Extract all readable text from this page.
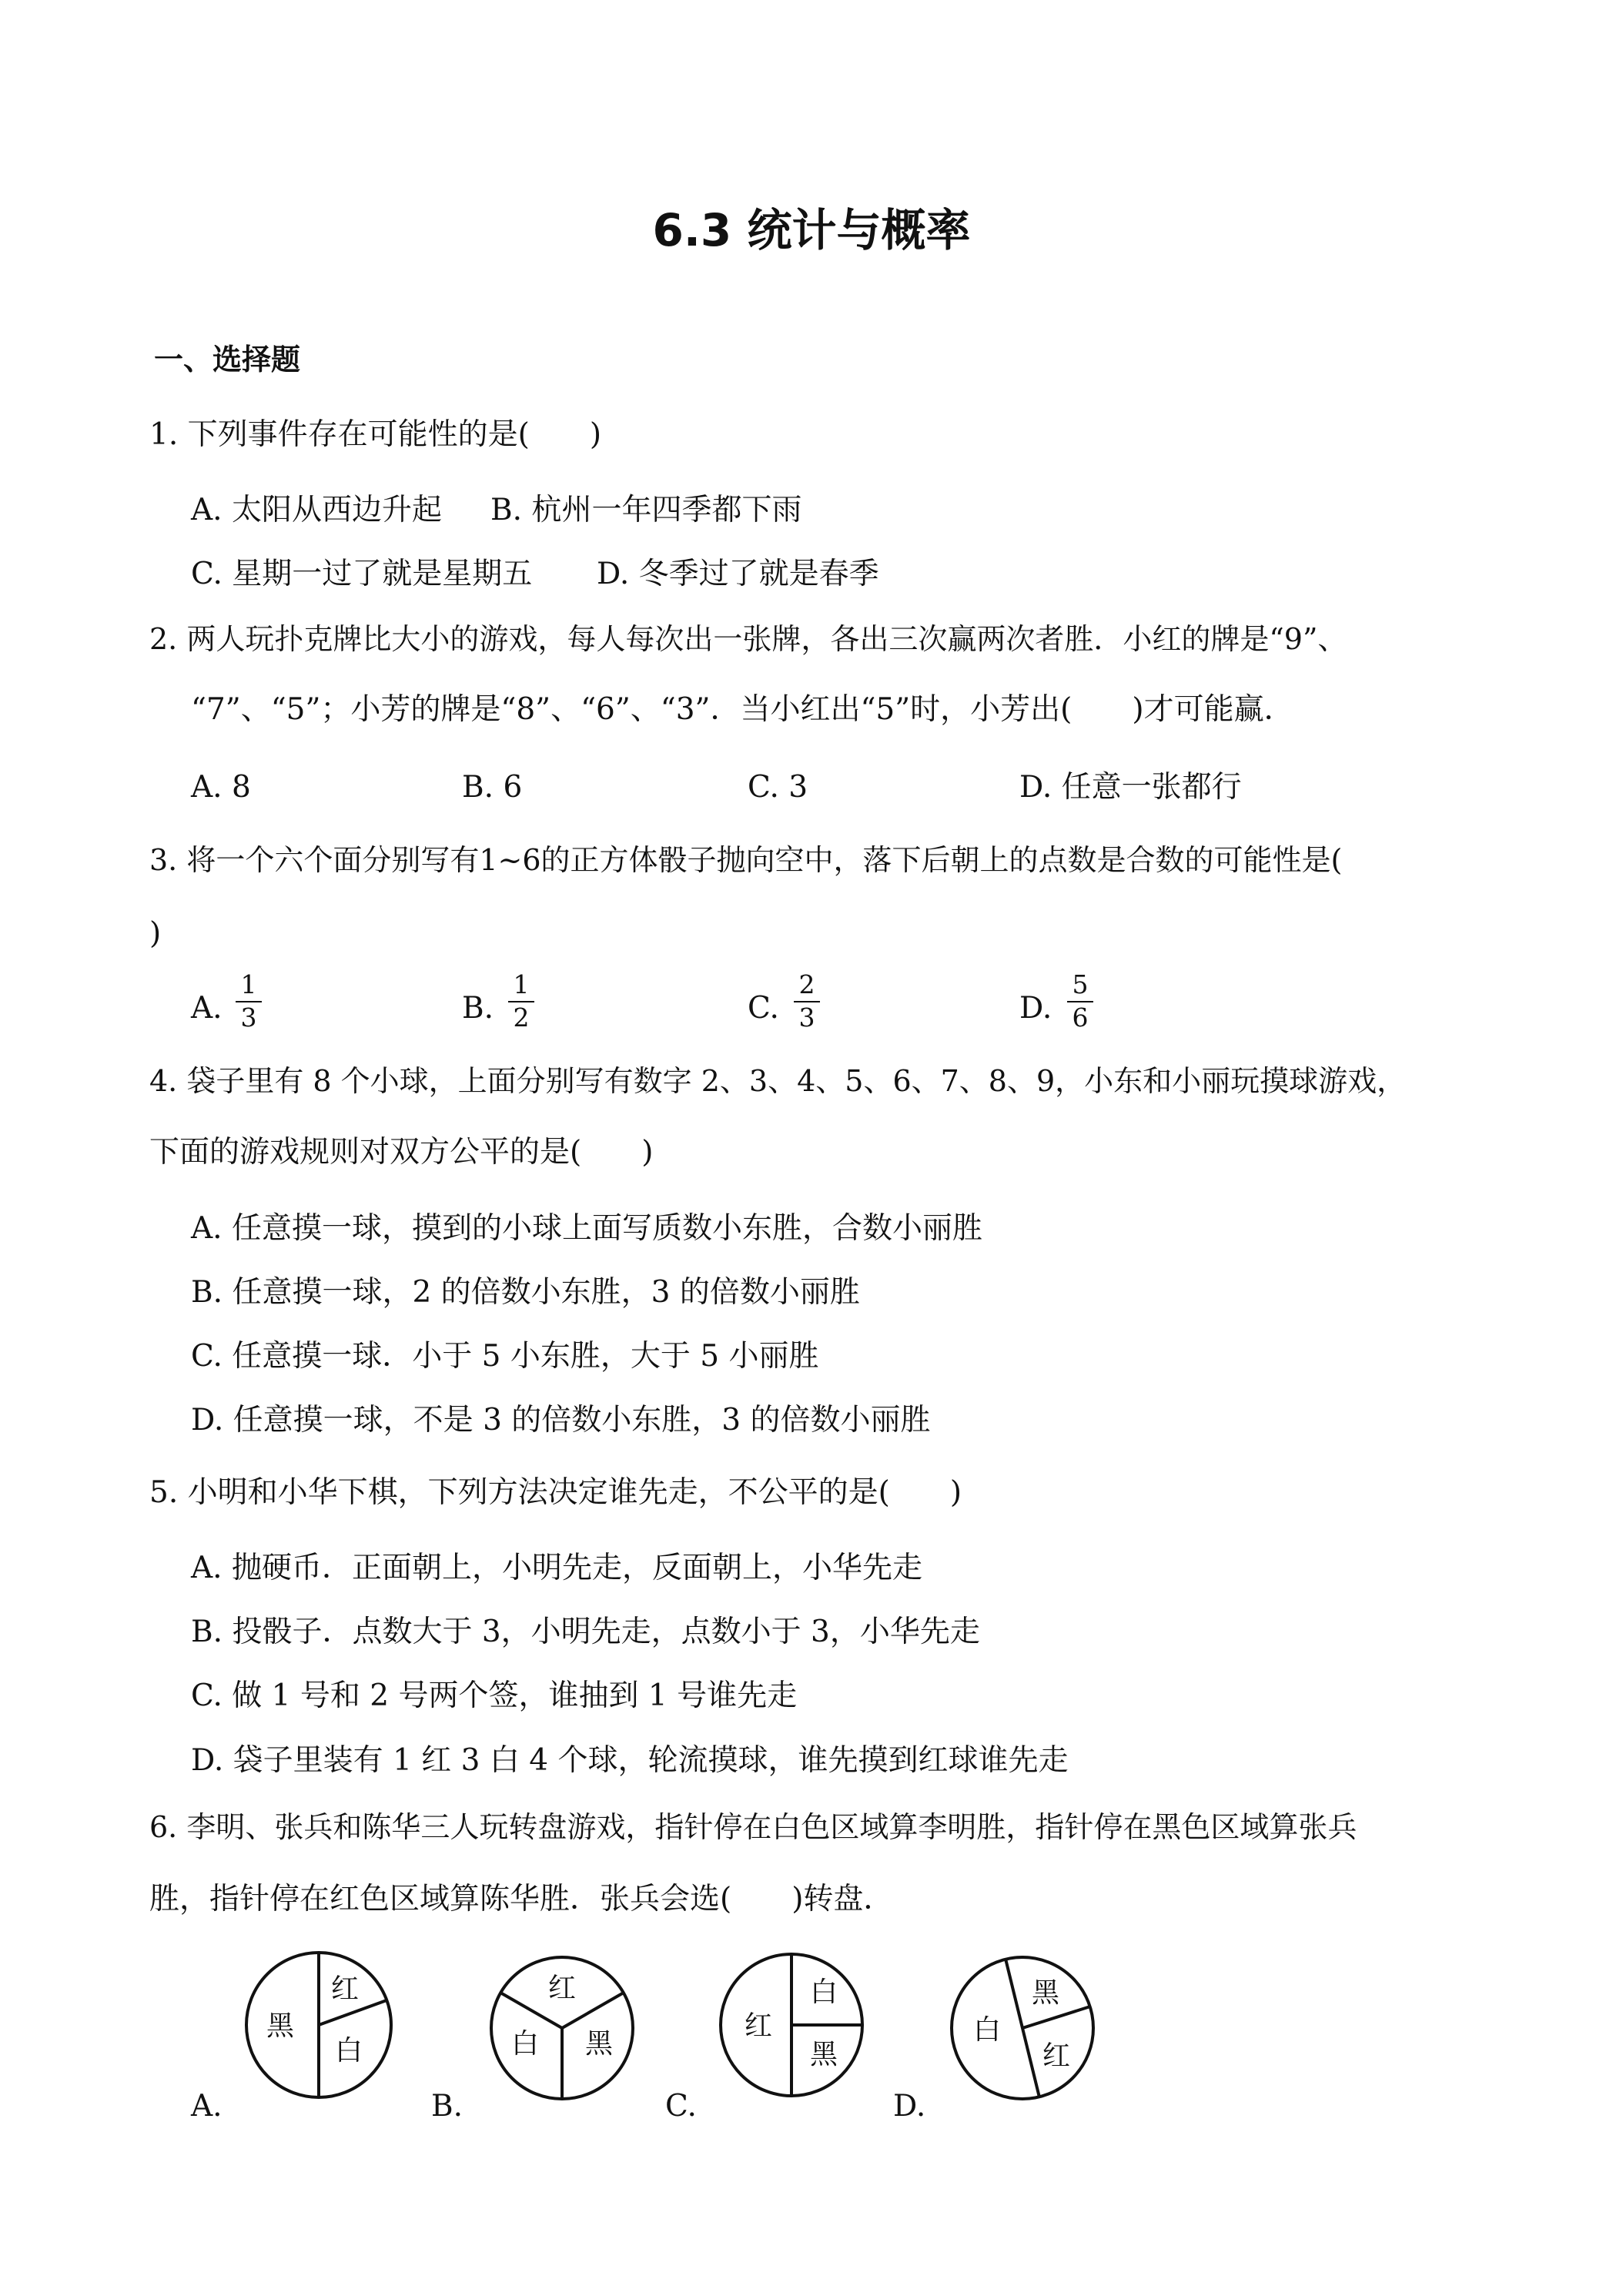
6.3 统计与概率
一、选择题
1. 下列事件存在可能性的是(　　)
A. 太阳从西边升起 B. 杭州一年四季都下雨
C. 星期一过了就是星期五 D. 冬季过了就是春季
2. 两人玩扑克牌比大小的游戏，每人每次出一张牌，各出三次赢两次者胜．小红的牌是“9”、
“7”、“5”；小芳的牌是“8”、“6”、“3”．当小红出“5”时，小芳出(　　)才可能赢．
A. 8	B. 6	C. 3	D. 任意一张都行
3. 将一个六个面分别写有1~6的正方体骰子抛向空中，落下后朝上的点数是合数的可能性是(
)
A.
1
3	B.
1
2	C.
2
3	D.
5
6
4. 袋子里有 8 个小球，上面分别写有数字 2、3、4、5、6、7、8、9，小东和小丽玩摸球游戏，
下面的游戏规则对双方公平的是(　　)
A. 任意摸一球，摸到的小球上面写质数小东胜，合数小丽胜
B. 任意摸一球，2 的倍数小东胜，3 的倍数小丽胜
C. 任意摸一球．小于 5 小东胜，大于 5 小丽胜
D. 任意摸一球，不是 3 的倍数小东胜，3 的倍数小丽胜
5. 小明和小华下棋，下列方法决定谁先走，不公平的是(　　)
A. 抛硬币．正面朝上，小明先走，反面朝上，小华先走
B. 投骰子．点数大于 3，小明先走，点数小于 3，小华先走
C. 做 1 号和 2 号两个签，谁抽到 1 号谁先走
D. 袋子里装有 1 红 3 白 4 个球，轮流摸球，谁先摸到红球谁先走
6. 李明、张兵和陈华三人玩转盘游戏，指针停在白色区域算李明胜，指针停在黑色区域算张兵
胜，指针停在红色区域算陈华胜．张兵会选(　　)转盘．
黑
红
白
A.
红
白 黑
B.
红
白
黑
C.
白
黑
红
D.
